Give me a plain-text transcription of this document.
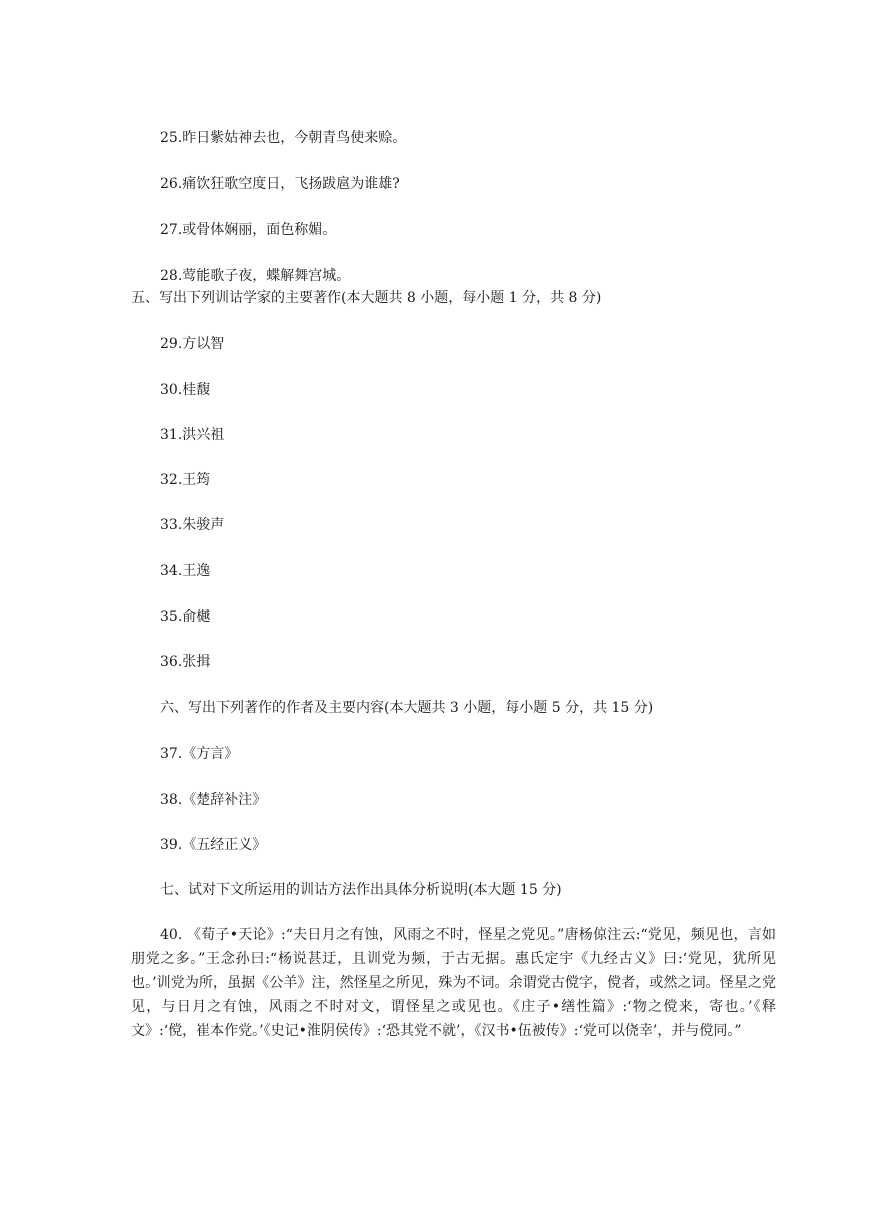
25.昨日紫姑神去也，今朝青鸟使来赊。
26.痛饮狂歌空度日，飞扬跋扈为谁雄?
27.或骨体娴丽，面色称媚。
28.莺能歌子夜，蝶解舞宫城。
五、写出下列训诂学家的主要著作(本大题共 8 小题，每小题 1 分，共 8 分)
29.方以智
30.桂馥
31.洪兴祖
32.王筠
33.朱骏声
34.王逸
35.俞樾
36.张揖
六、写出下列著作的作者及主要内容(本大题共 3 小题，每小题 5 分，共 15 分)
37.《方言》
38.《楚辞补注》
39.《五经正义》
七、试对下文所运用的训诂方法作出具体分析说明(本大题 15 分)
40. 《荀子•天论》:“夫日月之有蚀，风雨之不时，怪星之党见。”唐杨倞注云:“党见，频见也，言如朋党之多。”王念孙曰:“杨说甚迂，且训党为频，于古无据。惠氏定宇《九经古义》曰:‘党见，犹所见也。’训党为所，虽据《公羊》注，然怪星之所见，殊为不词。余谓党古傥字，傥者，或然之词。怪星之党见，与日月之有蚀，风雨之不时对文，谓怪星之或见也。《庄子•缮性篇》:‘物之傥来，寄也。’《释文》:‘傥，崔本作党。’《史记•淮阴侯传》:‘恐其党不就’，《汉书•伍被传》:‘党可以侥幸’，并与傥同。”
